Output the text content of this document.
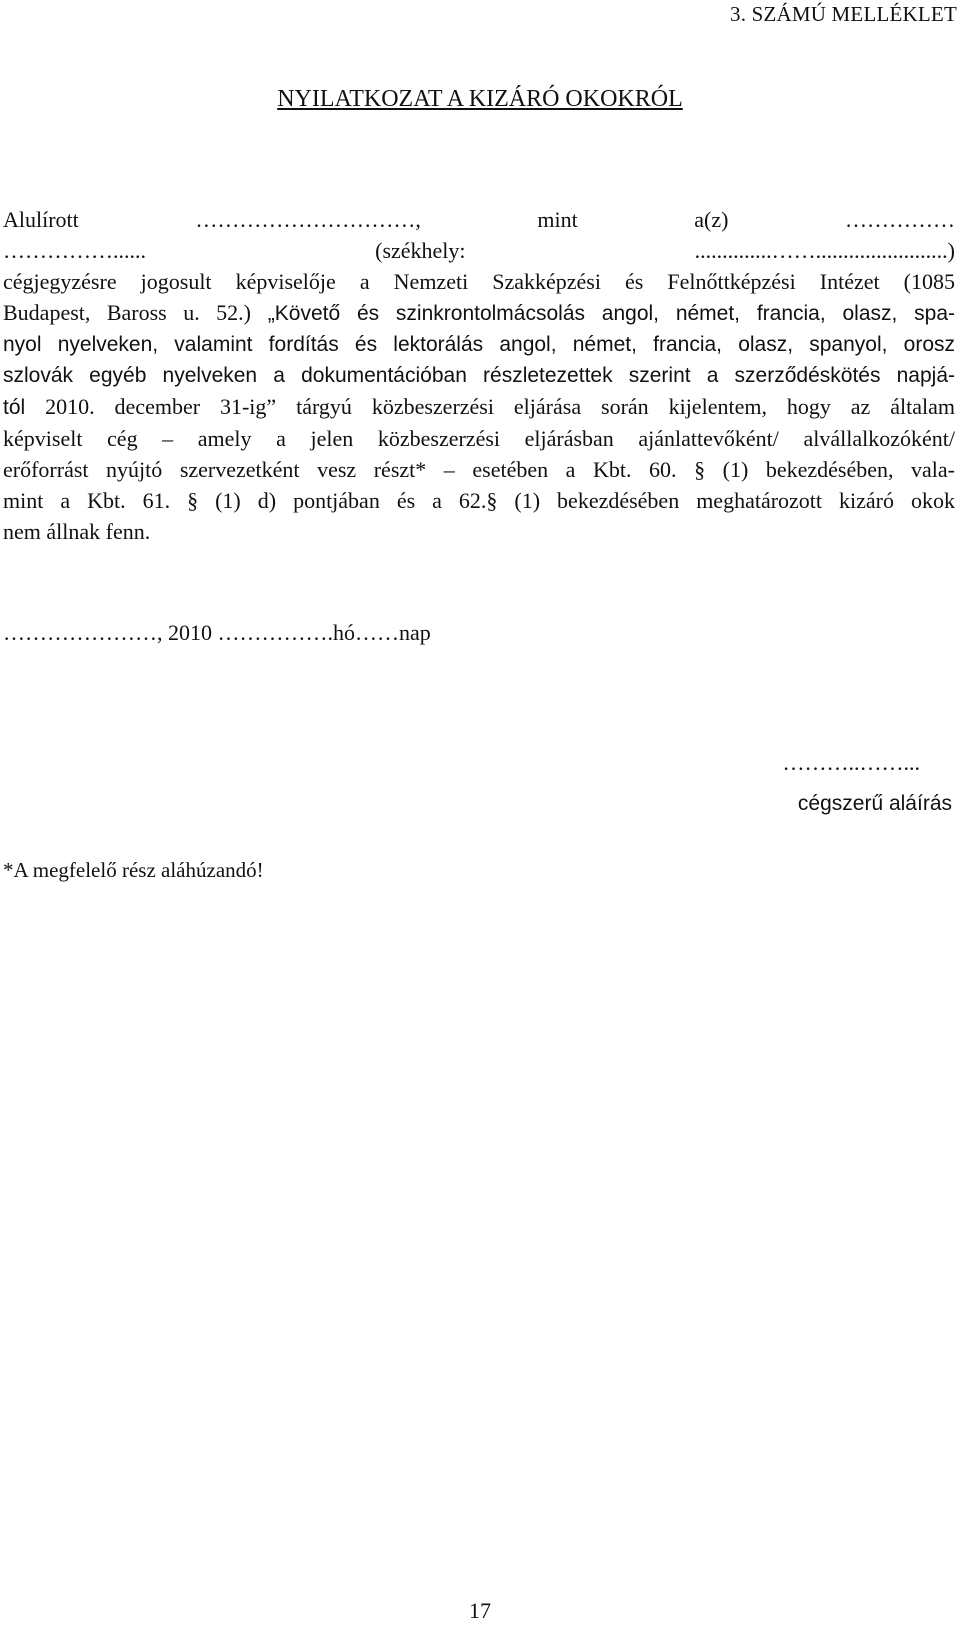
3. SZÁMÚ MELLÉKLET
NYILATKOZAT A KIZÁRÓ OKOKRÓL
Alulírott	…………………………,	mint	a(z)	……………
……………......	(székhely:	..............……........................)
cégjegyzésre jogosult képviselője a Nemzeti Szakképzési és Felnőttképzési Intézet (1085
Budapest, Baross u. 52.) „Követő és szinkrontolmácsolás angol, német, francia, olasz, spa-
nyol nyelveken, valamint fordítás és lektorálás angol, német, francia, olasz, spanyol, orosz
szlovák egyéb nyelveken a dokumentációban részletezettek szerint a szerződéskötés napjá-
tól 2010. december 31-ig” tárgyú közbeszerzési eljárása során kijelentem, hogy az általam
képviselt cég – amely a jelen közbeszerzési eljárásban ajánlattevőként/ alvállalkozóként/
erőforrást nyújtó szervezetként vesz részt* – esetében a Kbt. 60. § (1) bekezdésében, vala-
mint a Kbt. 61. § (1) d) pontjában és a 62.§ (1) bekezdésében meghatározott kizáró okok
nem állnak fenn.
…………………, 2010 …………….hó……nap
………..……...
cégszerű aláírás
*A megfelelő rész aláhúzandó!
17
